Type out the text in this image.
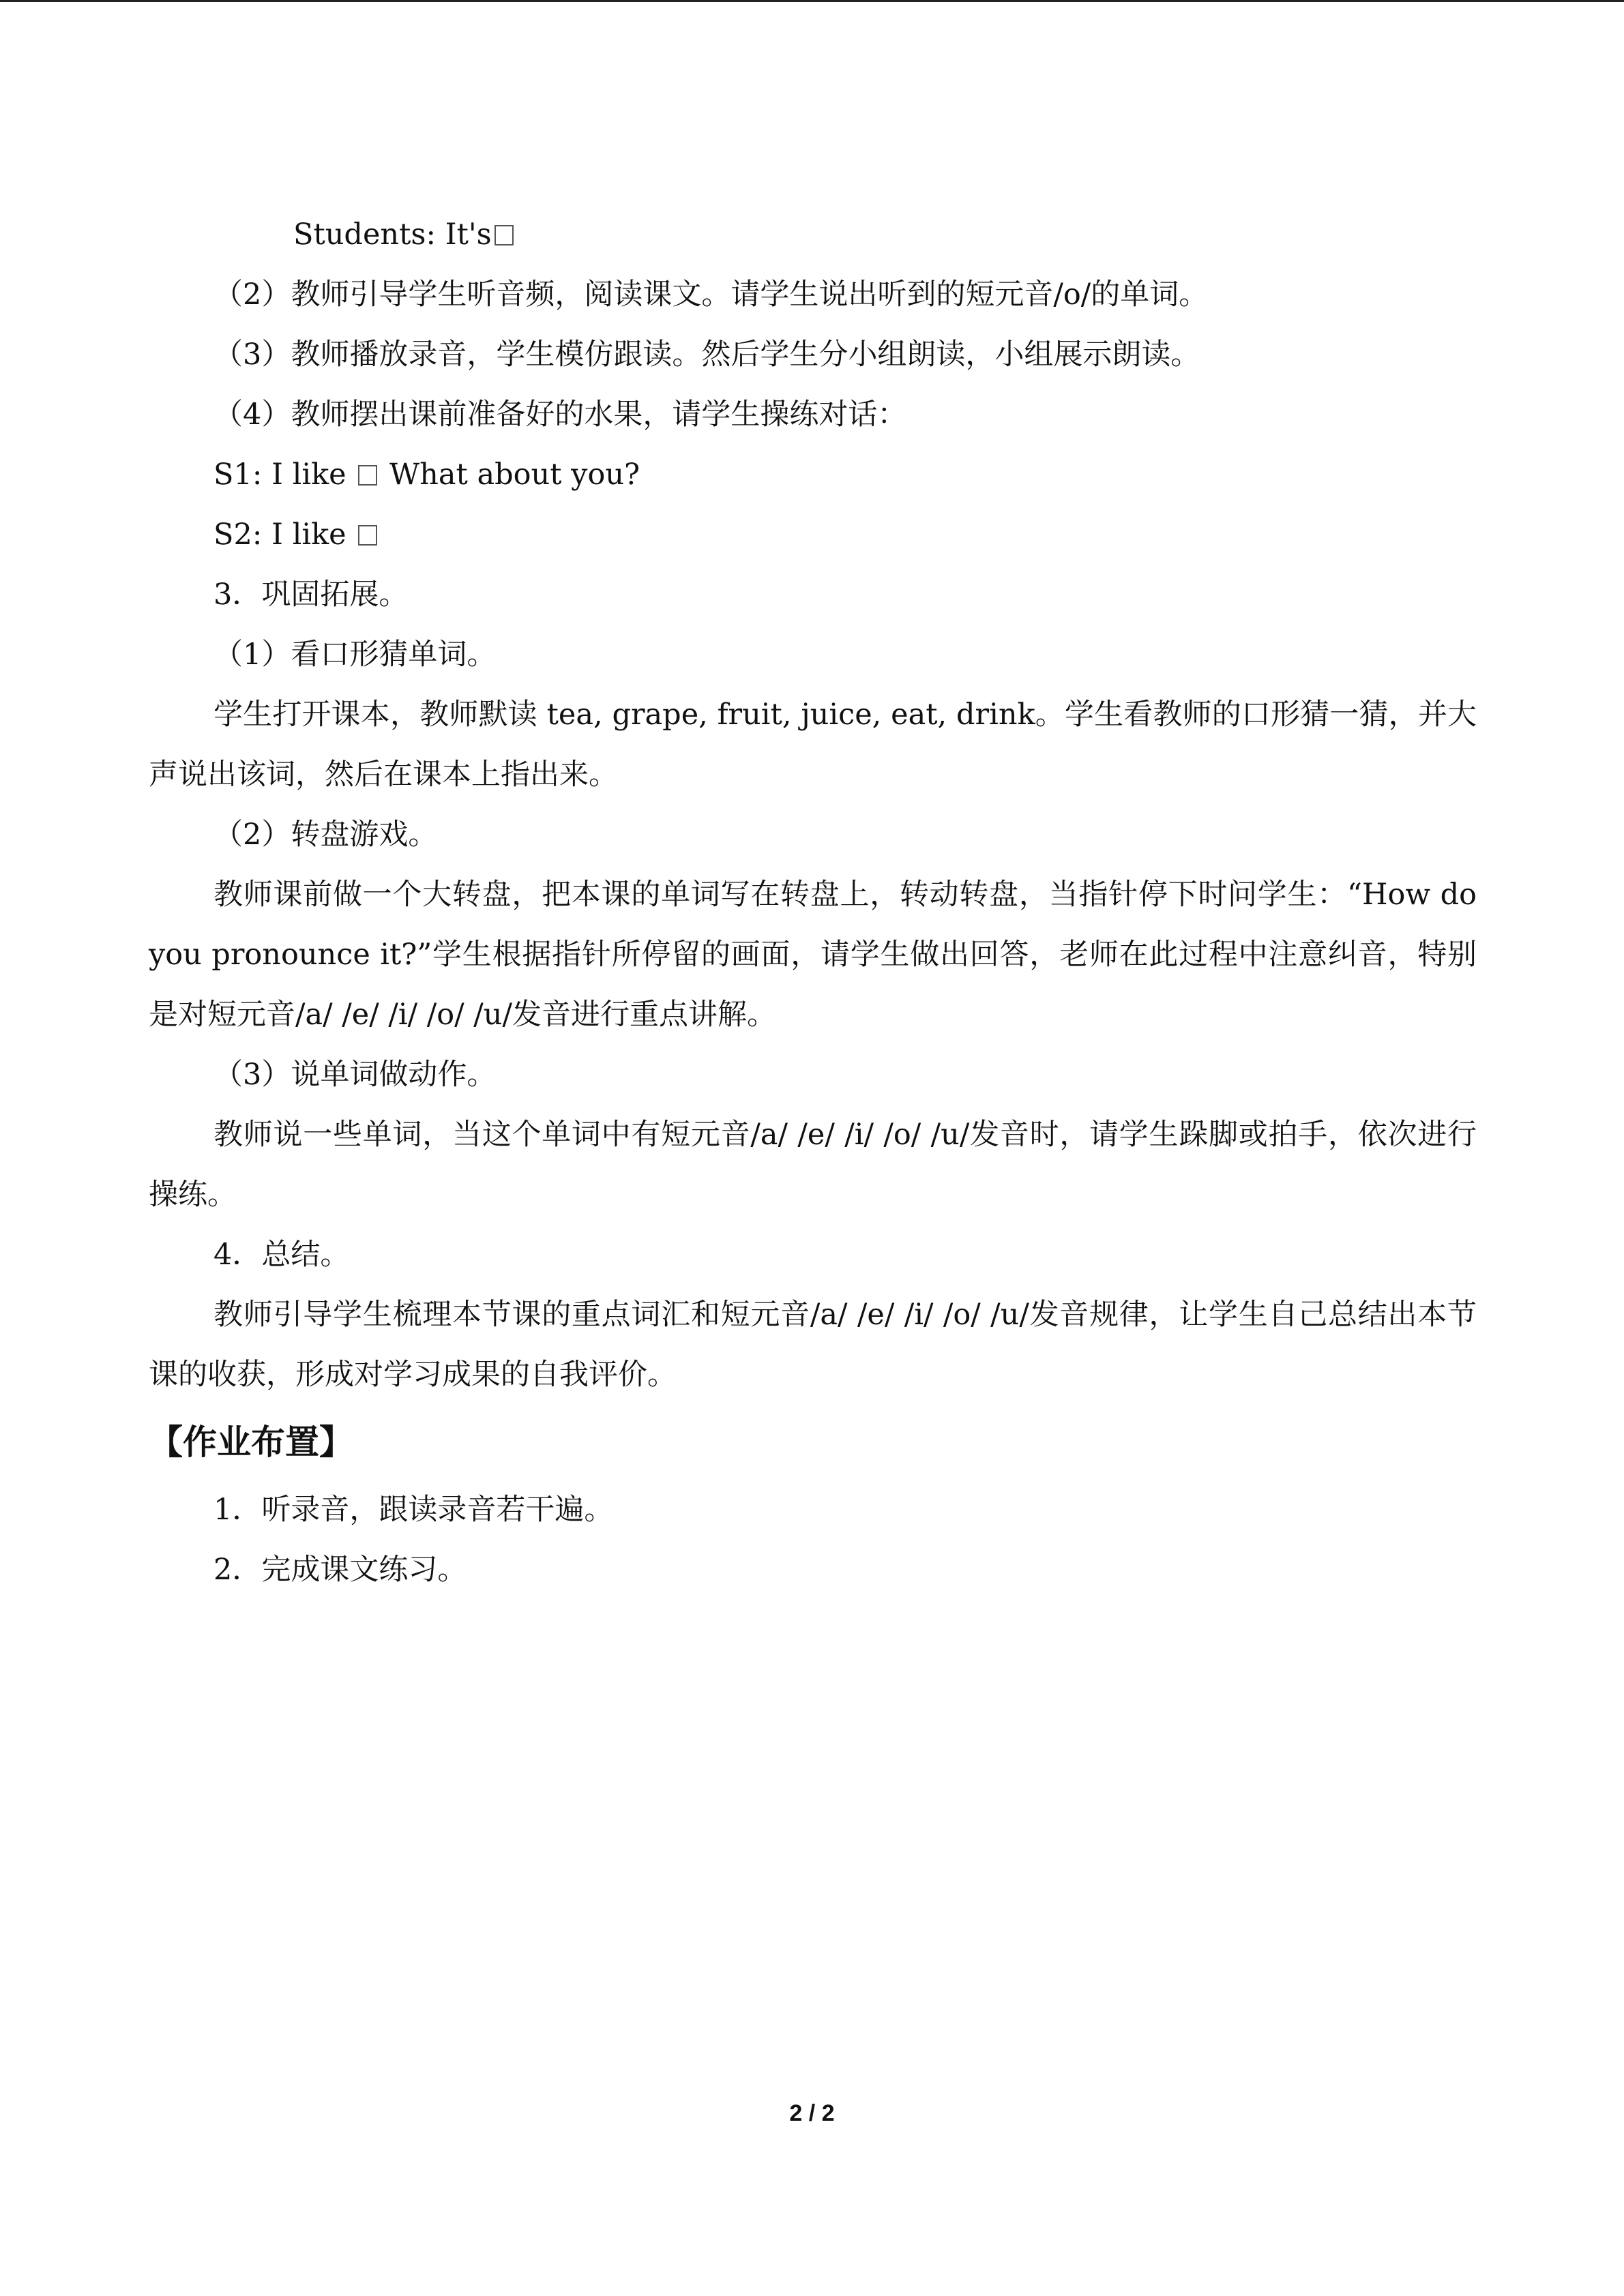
Students: It's

（2）教师引导学生听音频，阅读课文。请学生说出听到的短元音/o/的单词。

（3）教师播放录音，学生模仿跟读。然后学生分小组朗读，小组展示朗读。

（4）教师摆出课前准备好的水果，请学生操练对话：

S1: I like What about you?

S2: I like

3．巩固拓展。

（1）看口形猜单词。

学生打开课本，教师默读 tea, grape, fruit, juice, eat, drink。学生看教师的口形猜一猜，并大声说出该词，然后在课本上指出来。

（2）转盘游戏。

教师课前做一个大转盘，把本课的单词写在转盘上，转动转盘，当指针停下时问学生：“How do you pronounce it?”学生根据指针所停留的画面，请学生做出回答，老师在此过程中注意纠音，特别是对短元音/a/ /e/ /i/ /o/ /u/发音进行重点讲解。

（3）说单词做动作。

教师说一些单词，当这个单词中有短元音/a/ /e/ /i/ /o/ /u/发音时，请学生跺脚或拍手，依次进行操练。

4．总结。

教师引导学生梳理本节课的重点词汇和短元音/a/ /e/ /i/ /o/ /u/发音规律，让学生自己总结出本节课的收获，形成对学习成果的自我评价。

【作业布置】

1．听录音，跟读录音若干遍。

2．完成课文练习。

2 / 2
